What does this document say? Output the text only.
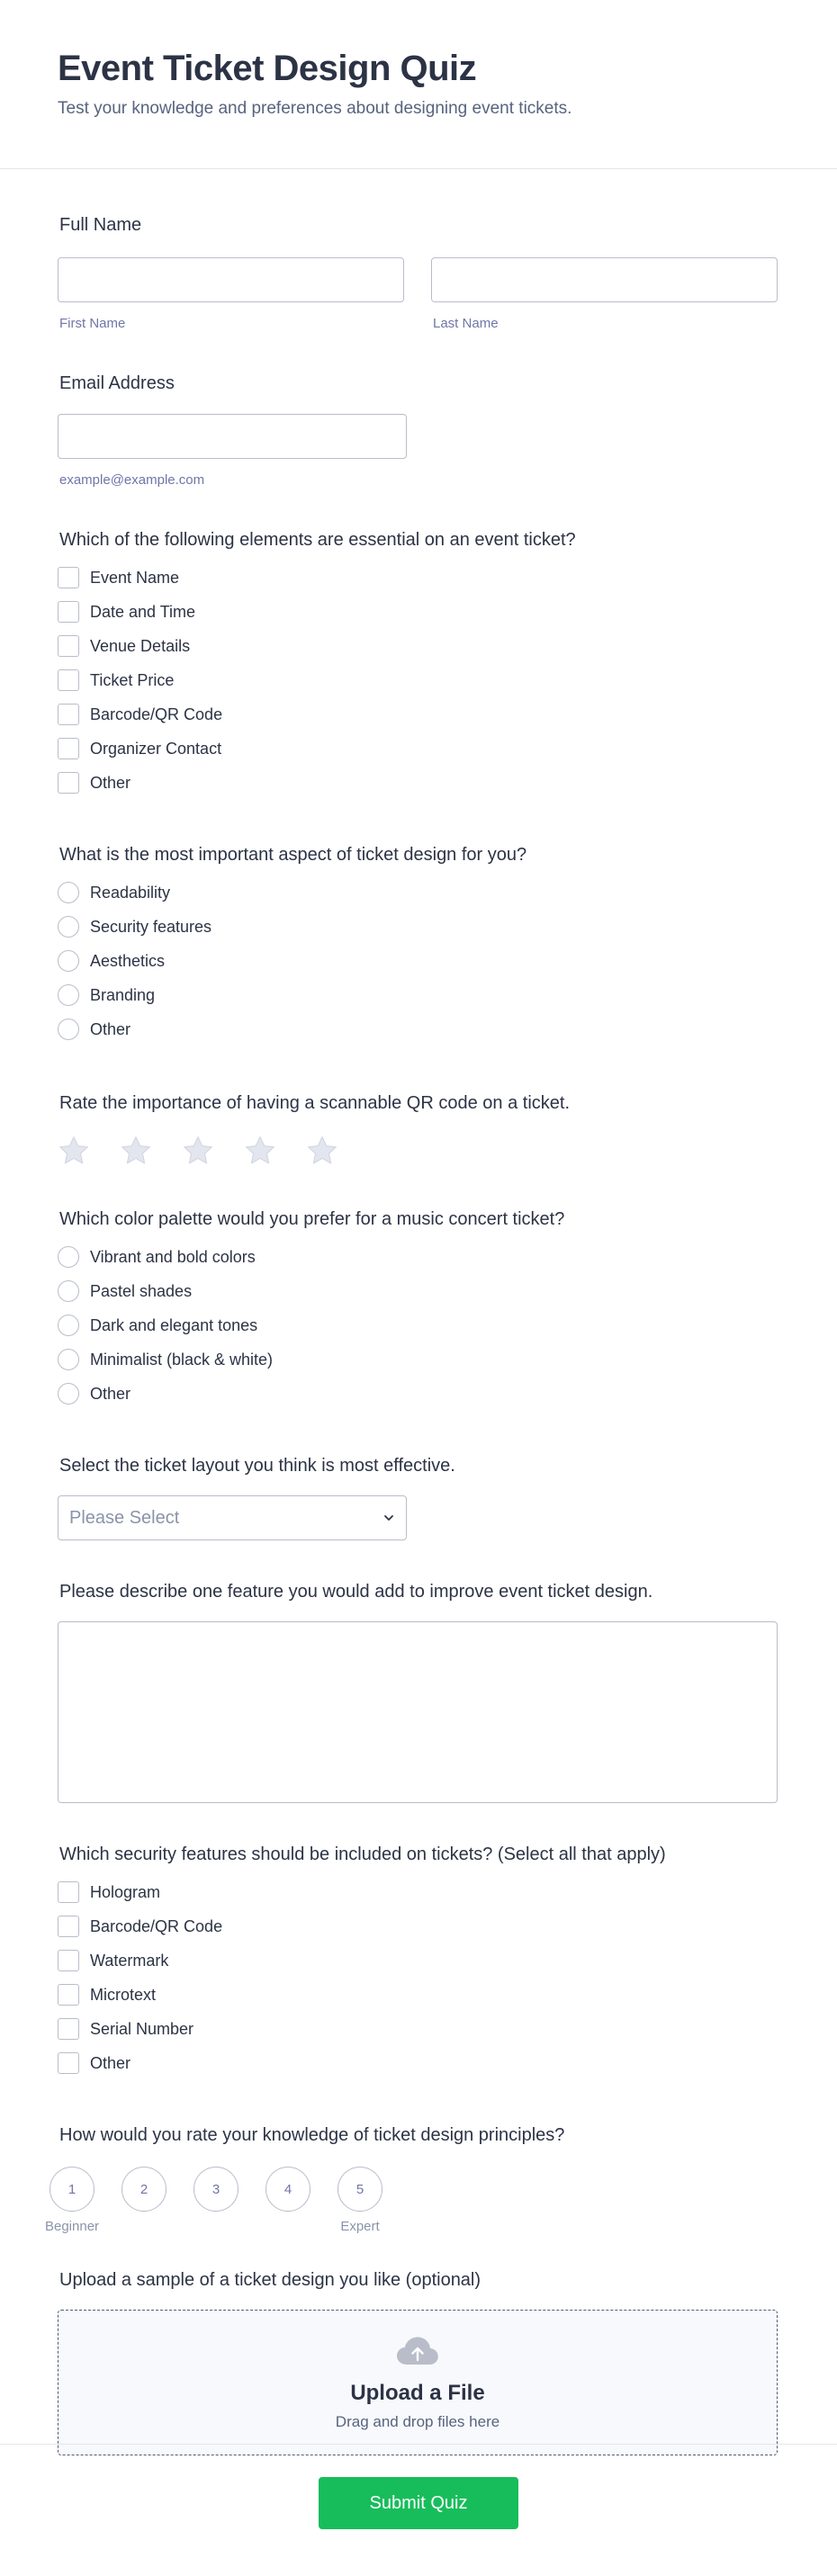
Event Ticket Design Quiz
Test your knowledge and preferences about designing event tickets.
Full Name
First Name	Last Name
Email Address
example@example.com
Which of the following elements are essential on an event ticket?
Event Name
Date and Time
Venue Details
Ticket Price
Barcode/QR Code
Organizer Contact
Other
What is the most important aspect of ticket design for you?
Readability
Security features
Aesthetics
Branding
Other
Rate the importance of having a scannable QR code on a ticket.
Which color palette would you prefer for a music concert ticket?
Vibrant and bold colors
Pastel shades
Dark and elegant tones
Minimalist (black & white)
Other
Select the ticket layout you think is most effective.
Please Select
Please describe one feature you would add to improve event ticket design.
Which security features should be included on tickets? (Select all that apply)
Hologram
Barcode/QR Code
Watermark
Microtext
Serial Number
Other
How would you rate your knowledge of ticket design principles?
1
Beginner
2	3	4	5
Expert
Upload a sample of a ticket design you like (optional)
Upload a File
Drag and drop files here
Submit Quiz
